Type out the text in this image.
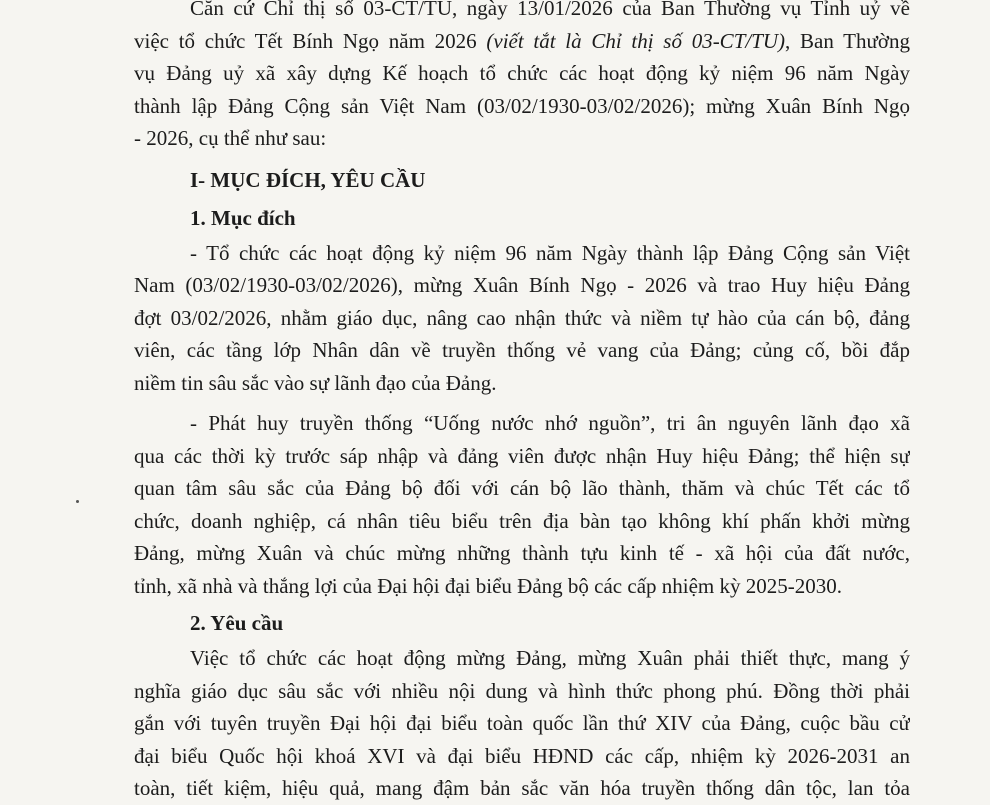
Căn cứ Chỉ thị số 03-CT/TU, ngày 13/01/2026 của Ban Thường vụ Tỉnh uỷ về
việc tổ chức Tết Bính Ngọ năm 2026 (viết tắt là Chỉ thị số 03-CT/TU), Ban Thường
vụ Đảng uỷ xã xây dựng Kế hoạch tổ chức các hoạt động kỷ niệm 96 năm Ngày
thành lập Đảng Cộng sản Việt Nam (03/02/1930-03/02/2026); mừng Xuân Bính Ngọ
- 2026, cụ thể như sau:
I- MỤC ĐÍCH, YÊU CẦU
1. Mục đích
- Tổ chức các hoạt động kỷ niệm 96 năm Ngày thành lập Đảng Cộng sản Việt
Nam (03/02/1930-03/02/2026), mừng Xuân Bính Ngọ - 2026 và trao Huy hiệu Đảng
đợt 03/02/2026, nhằm giáo dục, nâng cao nhận thức và niềm tự hào của cán bộ, đảng
viên, các tầng lớp Nhân dân về truyền thống vẻ vang của Đảng; củng cố, bồi đắp
niềm tin sâu sắc vào sự lãnh đạo của Đảng.
- Phát huy truyền thống “Uống nước nhớ nguồn”, tri ân nguyên lãnh đạo xã
qua các thời kỳ trước sáp nhập và đảng viên được nhận Huy hiệu Đảng; thể hiện sự
quan tâm sâu sắc của Đảng bộ đối với cán bộ lão thành, thăm và chúc Tết các tổ
chức, doanh nghiệp, cá nhân tiêu biểu trên địa bàn tạo không khí phấn khởi mừng
Đảng, mừng Xuân và chúc mừng những thành tựu kinh tế - xã hội của đất nước,
tỉnh, xã nhà và thắng lợi của Đại hội đại biểu Đảng bộ các cấp nhiệm kỳ 2025-2030.
2. Yêu cầu
Việc tổ chức các hoạt động mừng Đảng, mừng Xuân phải thiết thực, mang ý
nghĩa giáo dục sâu sắc với nhiều nội dung và hình thức phong phú. Đồng thời phải
gắn với tuyên truyền Đại hội đại biểu toàn quốc lần thứ XIV của Đảng, cuộc bầu cử
đại biểu Quốc hội khoá XVI và đại biểu HĐND các cấp, nhiệm kỳ 2026-2031 an
toàn, tiết kiệm, hiệu quả, mang đậm bản sắc văn hóa truyền thống dân tộc, lan tỏa
